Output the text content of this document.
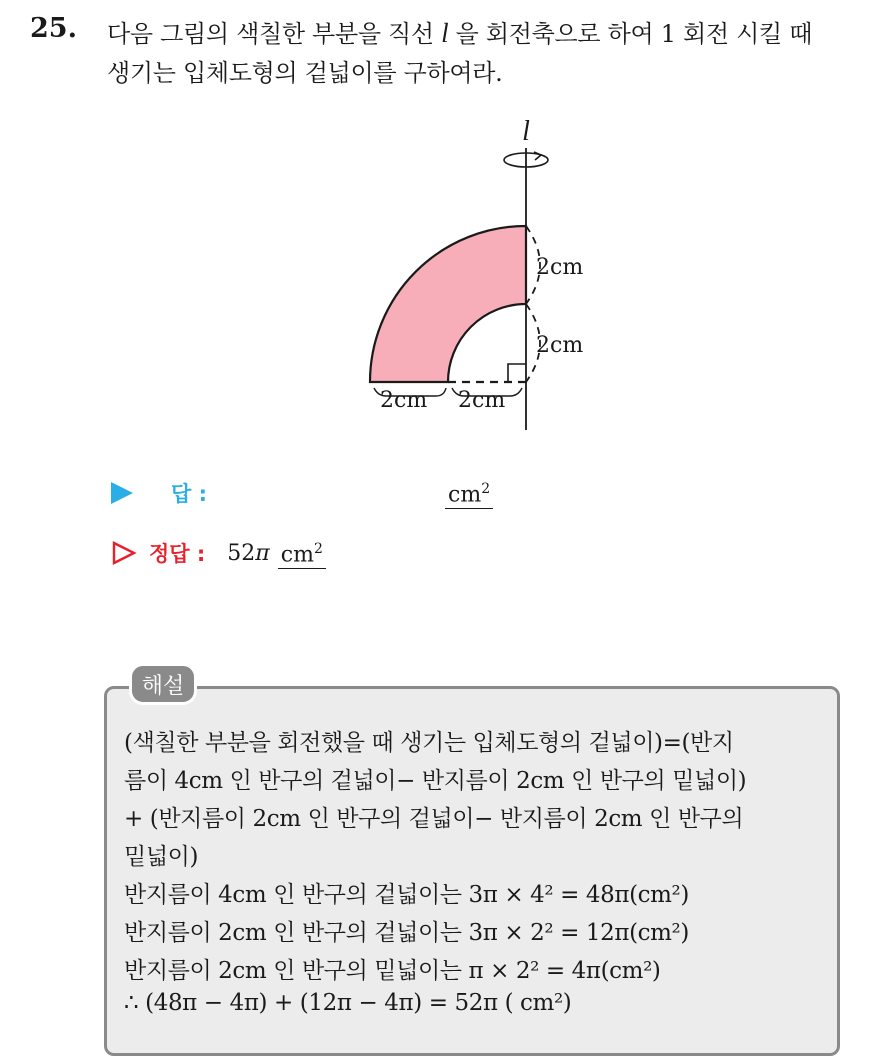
25. 다음 그림의 색칠한 부분을 직선 l 을 회전축으로 하여 1 회전 시킬 때
생기는 입체도형의 겉넓이를 구하여라.
l
2cm
2cm
2cm 2cm
답 :	$cm^2$
정답 : 52π $cm^2$
해설
(색칠한 부분을 회전했을 때 생기는 입체도형의 겉넓이)=(반지
름이 4cm 인 반구의 겉넓이− 반지름이 2cm 인 반구의 밑넓이)
+ (반지름이 2cm 인 반구의 겉넓이− 반지름이 2cm 인 반구의
밑넓이)
반지름이 4cm 인 반구의 겉넓이는 3π × 4² = 48π(cm²)
반지름이 2cm 인 반구의 겉넓이는 3π × 2² = 12π(cm²)
반지름이 2cm 인 반구의 밑넓이는 π × 2² = 4π(cm²)
∴ (48π − 4π) + (12π − 4π) = 52π ( cm²)
